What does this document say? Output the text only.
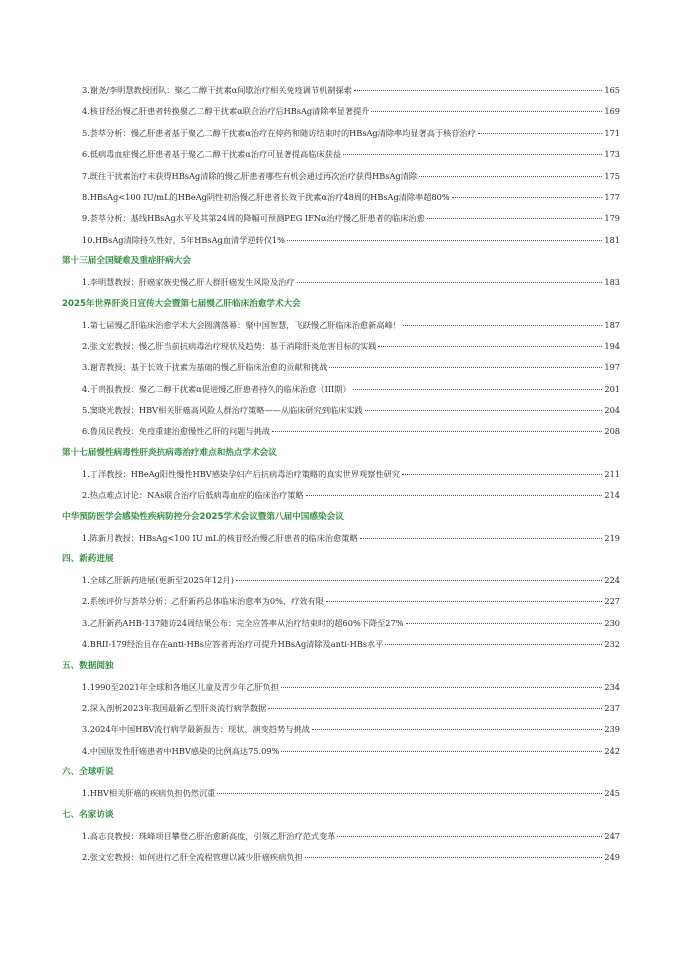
3.谢尧/李明慧教授团队：聚乙二醇干扰素α间歇治疗相关免疫调节机制探索	165
4.核苷经治慢乙肝患者转换聚乙二醇干扰素α联合治疗后HBsAg清除率显著提升	169
5.荟萃分析：慢乙肝患者基于聚乙二醇干扰素α治疗在停药和随访结束时的HBsAg清除率均显著高于核苷治疗	171
6.低病毒血症慢乙肝患者基于聚乙二醇干扰素α治疗可显著提高临床获益	173
7.既往干扰素治疗未获得HBsAg清除的慢乙肝患者哪些有机会通过再次治疗获得HBsAg清除	175
8.HBsAg<100 IU/mL的HBeAg阴性初治慢乙肝患者长效干扰素α治疗48周的HBsAg清除率超80%	177
9.荟萃分析：基线HBsAg水平及其第24周的降幅可预测PEG IFNα治疗慢乙肝患者的临床治愈	179
10.HBsAg清除持久性好，5年HBsAg血清学逆转仅1%	181
第十三届全国疑难及重症肝病大会
1.李明慧教授：肝癌家族史慢乙肝人群肝癌发生风险及治疗	183
2025年世界肝炎日宣传大会暨第七届慢乙肝临床治愈学术大会
1.第七届慢乙肝临床治愈学术大会圆满落幕：聚中国智慧，飞跃慢乙肝临床治愈新高峰！	187
2.张文宏教授：慢乙肝当前抗病毒治疗现状及趋势：基于消除肝炎危害目标的实践	194
3.谢青教授：基于长效干扰素为基础的慢乙肝临床治愈的贡献和挑战	197
4.于贵报教授：聚乙二醇干扰素α促进慢乙肝患者持久的临床治愈（III期）	201
5.窦晓光教授：HBV相关肝癌高风险人群治疗策略——从临床研究到临床实践	204
6.鲁凤民教授：免疫重建治愈慢性乙肝的问题与挑战	208
第十七届慢性病毒性肝炎抗病毒治疗难点和热点学术会议
1.丁洋教授：HBeAg阳性慢性HBV感染孕妇产后抗病毒治疗策略的真实世界观察性研究	211
2.热点难点讨论：NAs联合治疗后低病毒血症的临床治疗策略	214
中华预防医学会感染性疾病防控分会2025学术会议暨第八届中国感染会议
1.陈新月教授：HBsAg<100 IU mL的核苷经治慢乙肝患者的临床治愈策略	219
四、新药进展
1.全球乙肝新药进展(更新至2025年12月)	224
2.系统评价与荟萃分析：乙肝新药总体临床治愈率为0%，疗效有限	227
3.乙肝新药AHB-137随访24周结果公布：完全应答率从治疗结束时的超60%下降至27%	230
4.BRII-179经治且存在anti-HBs应答者再治疗可提升HBsAg清除及anti-HBs水平	232
五、数据阅独
1.1990至2021年全球和各地区儿童及青少年乙肝负担	234
2.深入剖析2023年我国最新乙型肝炎流行病学数据	237
3.2024年中国HBV流行病学最新报告：现状、演变趋势与挑战	239
4.中国原发性肝癌患者中HBV感染的比例高达75.09%	242
六、全球听说
1.HBV相关肝癌的疾病负担仍然沉重	245
七、名家访谈
1.高志良教授：珠峰项目攀登乙肝治愈新高度，引领乙肝治疗范式变革	247
2.张文宏教授：如何进行乙肝全流程管理以减少肝癌疾病负担	249
